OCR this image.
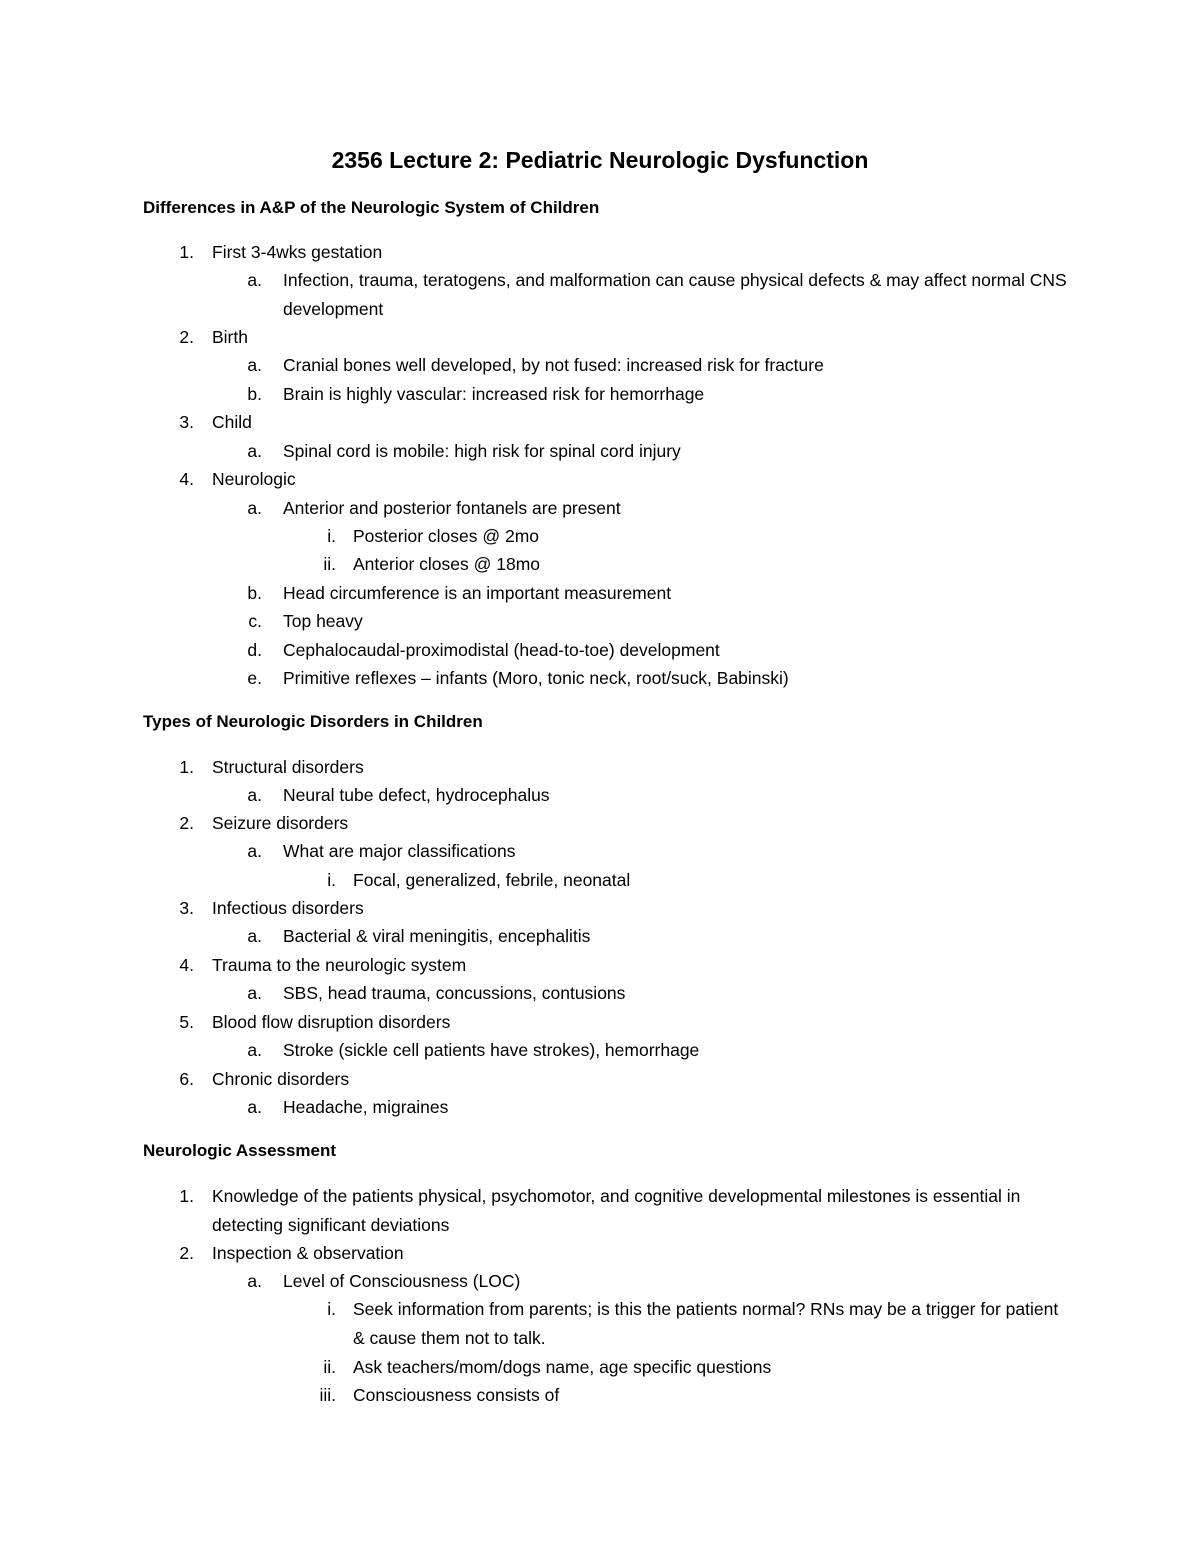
2356 Lecture 2: Pediatric Neurologic Dysfunction
Differences in A&P of the Neurologic System of Children
1. First 3-4wks gestation
a. Infection, trauma, teratogens, and malformation can cause physical defects & may affect normal CNS development
2. Birth
a. Cranial bones well developed, by not fused: increased risk for fracture
b. Brain is highly vascular: increased risk for hemorrhage
3. Child
a. Spinal cord is mobile: high risk for spinal cord injury
4. Neurologic
a. Anterior and posterior fontanels are present
i. Posterior closes @ 2mo
ii. Anterior closes @ 18mo
b. Head circumference is an important measurement
c. Top heavy
d. Cephalocaudal-proximodistal (head-to-toe) development
e. Primitive reflexes – infants (Moro, tonic neck, root/suck, Babinski)
Types of Neurologic Disorders in Children
1. Structural disorders
a. Neural tube defect, hydrocephalus
2. Seizure disorders
a. What are major classifications
i. Focal, generalized, febrile, neonatal
3. Infectious disorders
a. Bacterial & viral meningitis, encephalitis
4. Trauma to the neurologic system
a. SBS, head trauma, concussions, contusions
5. Blood flow disruption disorders
a. Stroke (sickle cell patients have strokes), hemorrhage
6. Chronic disorders
a. Headache, migraines
Neurologic Assessment
1. Knowledge of the patients physical, psychomotor, and cognitive developmental milestones is essential in detecting significant deviations
2. Inspection & observation
a. Level of Consciousness (LOC)
i. Seek information from parents; is this the patients normal? RNs may be a trigger for patient & cause them not to talk.
ii. Ask teachers/mom/dogs name, age specific questions
iii. Consciousness consists of
